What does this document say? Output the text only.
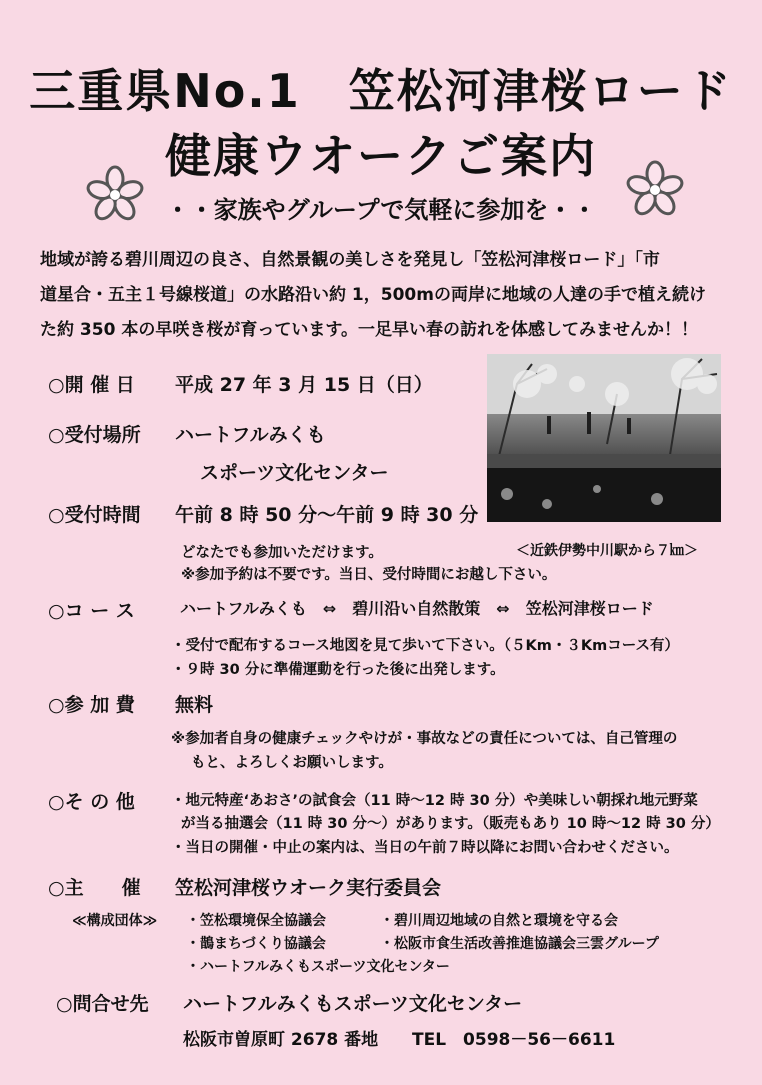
三重県No.1　笠松河津桜ロード
健康ウオークご案内
・・家族やグループで気軽に参加を・・
地域が誇る碧川周辺の良さ、自然景観の美しさを発見し「笠松河津桜ロード」「市
道星合・五主１号線桜道」の水路沿い約 1，500mの両岸に地域の人達の手で植え続け
た約 350 本の早咲き桜が育っています。一足早い春の訪れを体感してみませんか！！
○開 催 日 平成 27 年 3 月 15 日（日）
○受付場所 ハートフルみくも
スポーツ文化センター
○受付時間 午前 8 時 50 分～午前 9 時 30 分
どなたでも参加いただけます。
※参加予約は不要です。当日、受付時間にお越し下さい。
＜近鉄伊勢中川駅から７㎞＞
○コ ー ス	ハートフルみくも　⇔　碧川沿い自然散策　⇔　笠松河津桜ロード
・受付で配布するコース地図を見て歩いて下さい。（５Km・３Kmコース有）
・９時 30 分に準備運動を行った後に出発します。
○参 加 費 無料
※参加者自身の健康チェックやけが・事故などの責任については、自己管理の
もと、よろしくお願いします。
○そ の 他 ・地元特産‘あおさ’の試食会（11 時～12 時 30 分）や美味しい朝採れ地元野菜
が当る抽選会（11 時 30 分～）があります。（販売もあり 10 時～12 時 30 分）
・当日の開催・中止の案内は、当日の午前７時以降にお問い合わせください。
○主　　催 笠松河津桜ウオーク実行委員会
≪構成団体≫ ・笠松環境保全協議会	・碧川周辺地域の自然と環境を守る会
・鵲まちづくり協議会	・松阪市食生活改善推進協議会三雲グループ
・ハートフルみくもスポーツ文化センター
○問合せ先 ハートフルみくもスポーツ文化センター
松阪市曽原町 2678 番地 TEL　0598－56－6611
